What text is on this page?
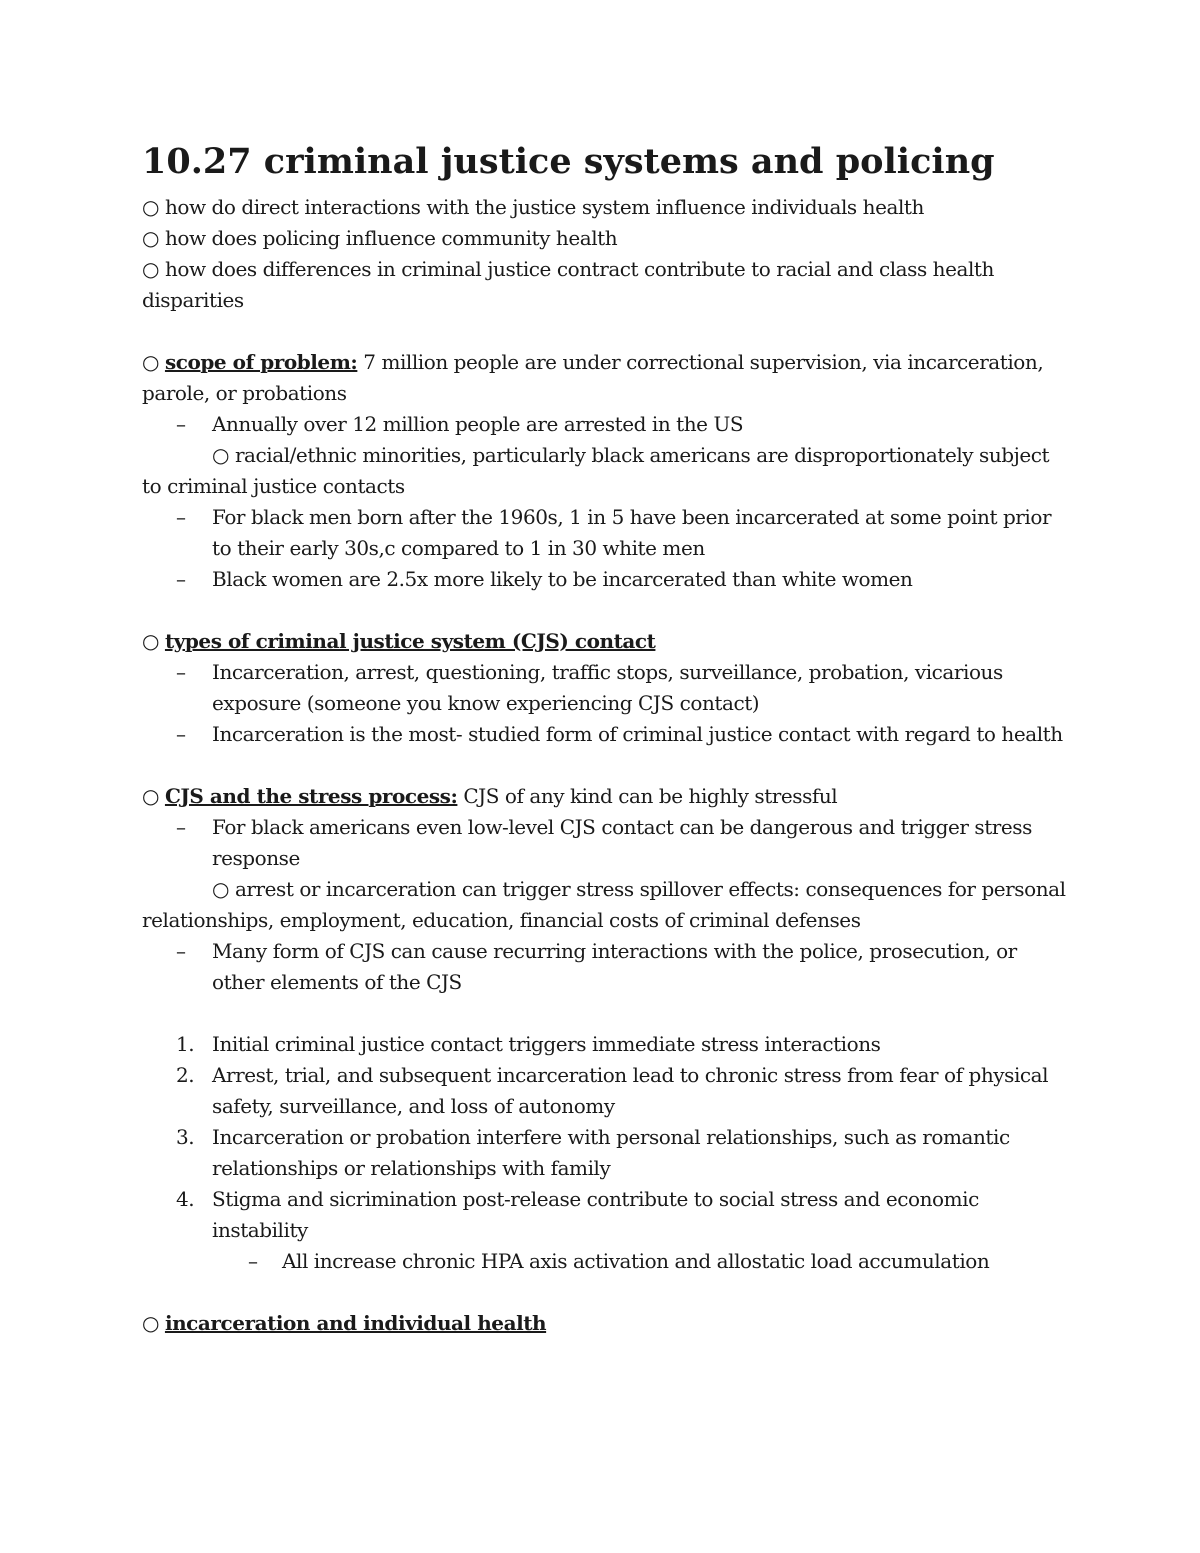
10.27 criminal justice systems and policing
○ how do direct interactions with the justice system influence individuals health
○ how does policing influence community health
○ how does differences in criminal justice contract contribute to racial and class health disparities
○ scope of problem: 7 million people are under correctional supervision, via incarceration, parole, or probations
– Annually over 12 million people are arrested in the US
○ racial/ethnic minorities, particularly black americans are disproportionately subject to criminal justice contacts
– For black men born after the 1960s, 1 in 5 have been incarcerated at some point prior to their early 30s,c compared to 1 in 30 white men
– Black women are 2.5x more likely to be incarcerated than white women
○ types of criminal justice system (CJS) contact
– Incarceration, arrest, questioning, traffic stops, surveillance, probation, vicarious exposure (someone you know experiencing CJS contact)
– Incarceration is the most- studied form of criminal justice contact with regard to health
○ CJS and the stress process: CJS of any kind can be highly stressful
– For black americans even low-level CJS contact can be dangerous and trigger stress response
○ arrest or incarceration can trigger stress spillover effects: consequences for personal relationships, employment, education, financial costs of criminal defenses
– Many form of CJS can cause recurring interactions with the police, prosecution, or other elements of the CJS
1. Initial criminal justice contact triggers immediate stress interactions
2. Arrest, trial, and subsequent incarceration lead to chronic stress from fear of physical safety, surveillance, and loss of autonomy
3. Incarceration or probation interfere with personal relationships, such as romantic relationships or relationships with family
4. Stigma and sicrimination post-release contribute to social stress and economic instability
– All increase chronic HPA axis activation and allostatic load accumulation
○ incarceration and individual health
